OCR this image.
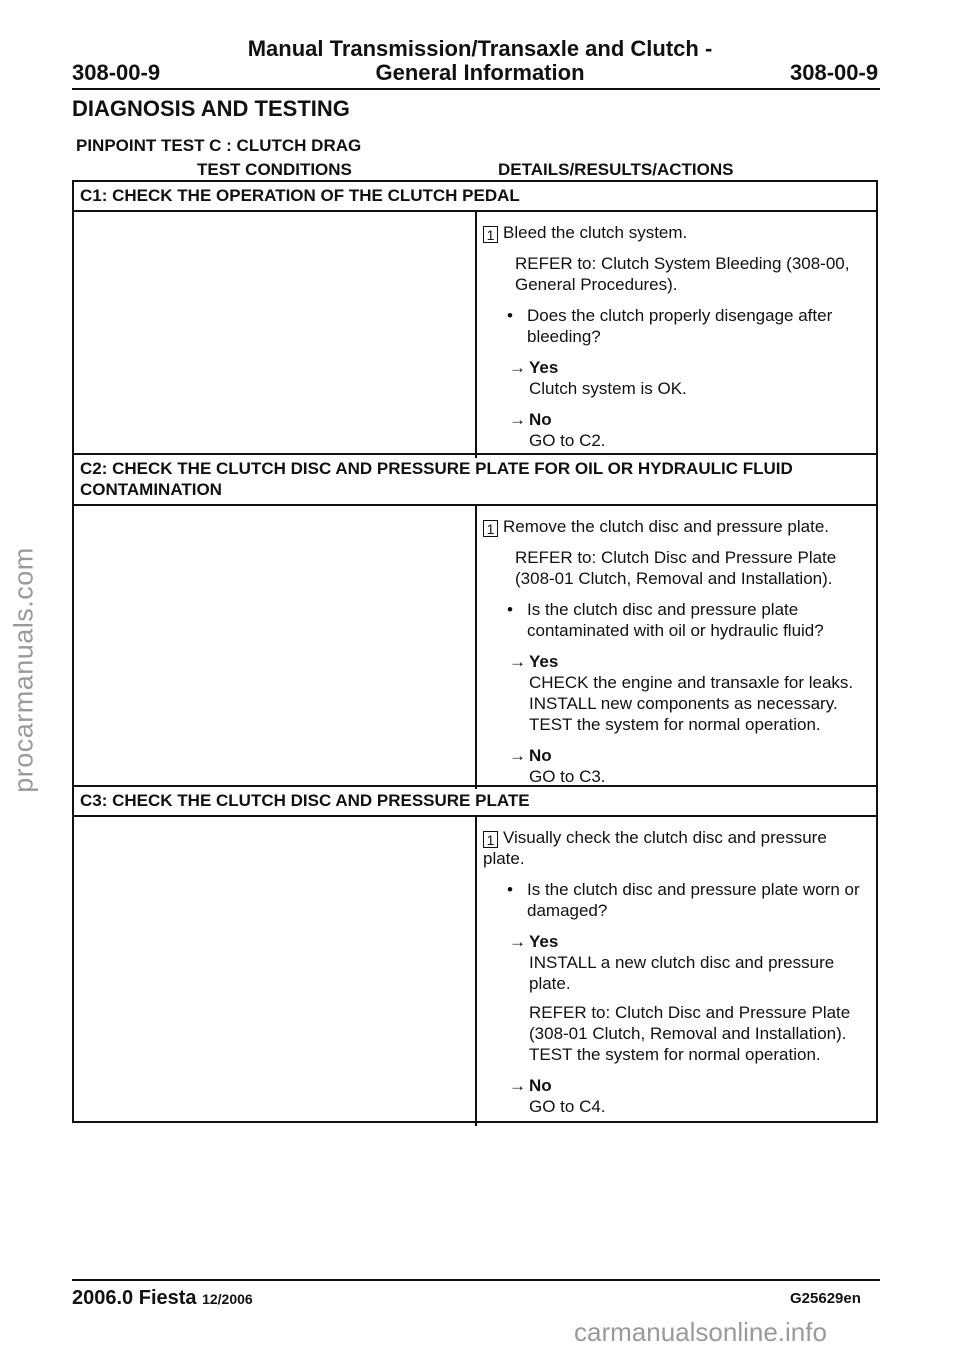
procarmanuals.com
Manual Transmission/Transaxle and Clutch -
General Information
308-00-9	308-00-9
DIAGNOSIS AND TESTING
PINPOINT TEST C : CLUTCH DRAG
TEST CONDITIONS	DETAILS/RESULTS/ACTIONS
C1: CHECK THE OPERATION OF THE CLUTCH PEDAL
1 Bleed the clutch system.
REFER to: Clutch System Bleeding (308-00, General Procedures).
• Does the clutch properly disengage after bleeding?
→ Yes
Clutch system is OK.
→ No
GO to C2.
C2: CHECK THE CLUTCH DISC AND PRESSURE PLATE FOR OIL OR HYDRAULIC FLUID CONTAMINATION
1 Remove the clutch disc and pressure plate.
REFER to: Clutch Disc and Pressure Plate (308-01 Clutch, Removal and Installation).
• Is the clutch disc and pressure plate contaminated with oil or hydraulic fluid?
→ Yes
CHECK the engine and transaxle for leaks. INSTALL new components as necessary. TEST the system for normal operation.
→ No
GO to C3.
C3: CHECK THE CLUTCH DISC AND PRESSURE PLATE
1 Visually check the clutch disc and pressure plate.
• Is the clutch disc and pressure plate worn or damaged?
→ Yes
INSTALL a new clutch disc and pressure plate.
REFER to: Clutch Disc and Pressure Plate (308-01 Clutch, Removal and Installation).
TEST the system for normal operation.
→ No
GO to C4.
2006.0 Fiesta 12/2006	G25629en
carmanualsonline.info
